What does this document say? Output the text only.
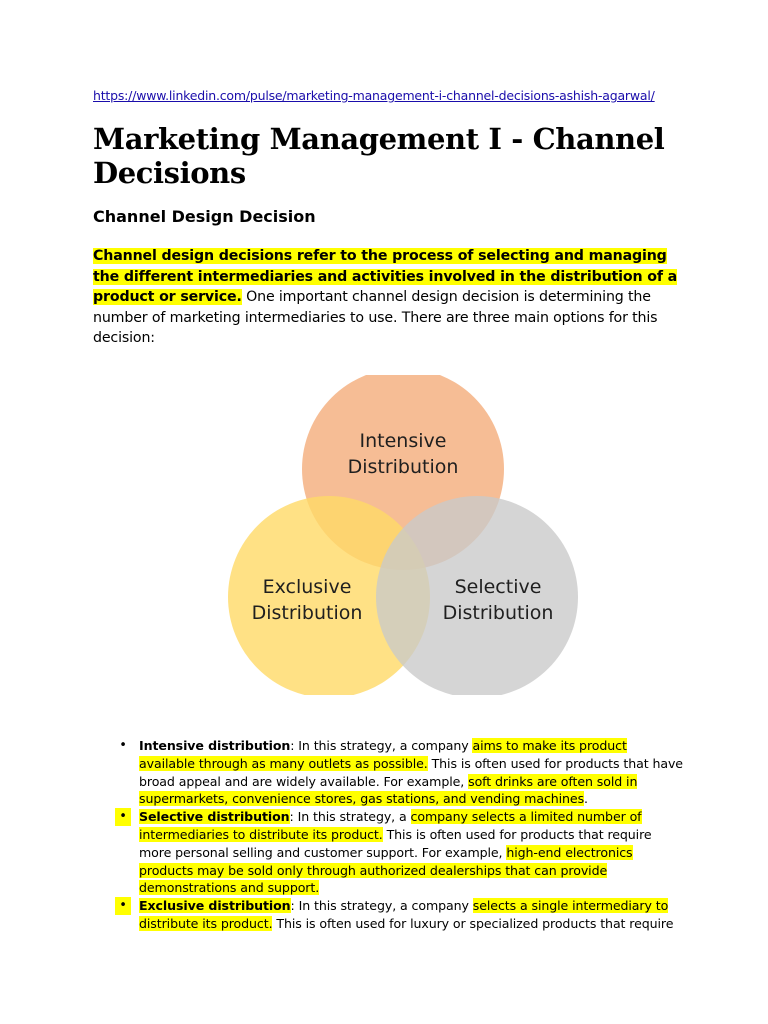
https://www.linkedin.com/pulse/marketing-management-i-channel-decisions-ashish-agarwal/
Marketing Management I - Channel Decisions
Channel Design Decision

Channel design decisions refer to the process of selecting and managing the different intermediaries and activities involved in the distribution of a product or service. One important channel design decision is determining the number of marketing intermediaries to use. There are three main options for this decision:

Intensive
Distribution
Exclusive
Distribution
Selective
Distribution
• Intensive distribution: In this strategy, a company aims to make its product available through as many outlets as possible. This is often used for products that have broad appeal and are widely available. For example, soft drinks are often sold in supermarkets, convenience stores, gas stations, and vending machines.
• Selective distribution: In this strategy, a company selects a limited number of intermediaries to distribute its product. This is often used for products that require more personal selling and customer support. For example, high-end electronics products may be sold only through authorized dealerships that can provide demonstrations and support.
• Exclusive distribution: In this strategy, a company selects a single intermediary to distribute its product. This is often used for luxury or specialized products that require
